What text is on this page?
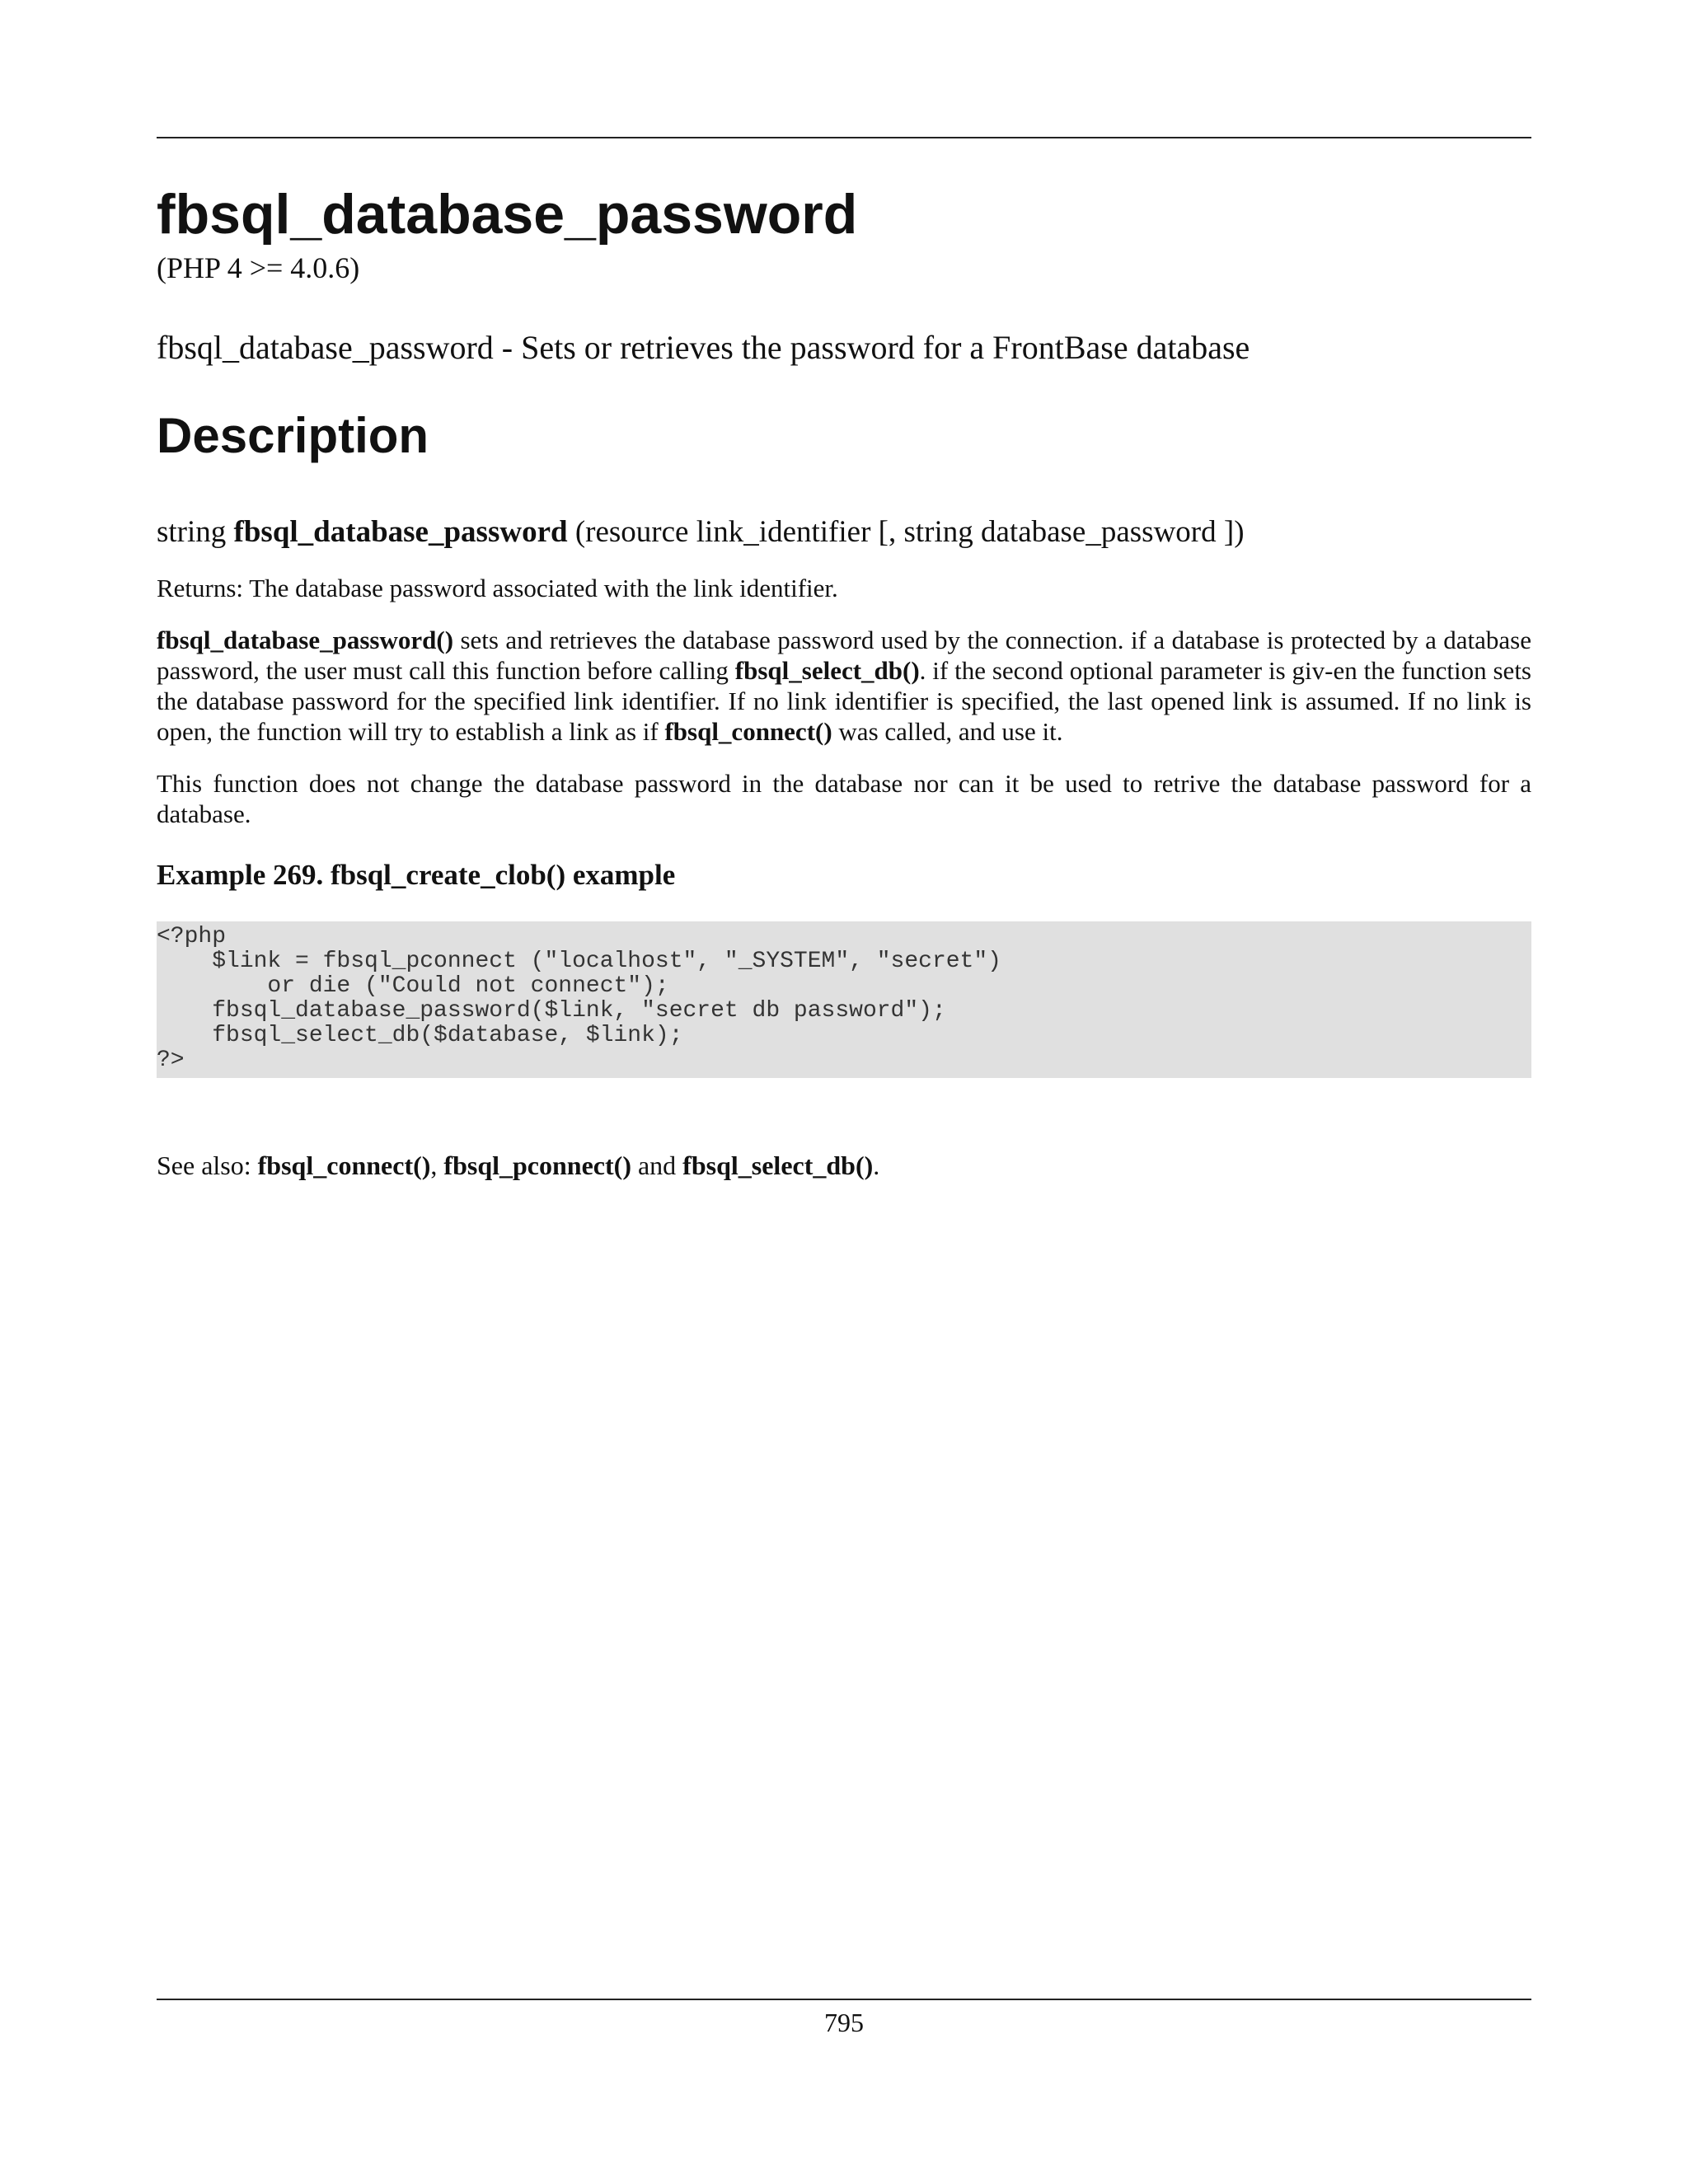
fbsql_database_password
(PHP 4 >= 4.0.6)
fbsql_database_password - Sets or retrieves the password for a FrontBase database
Description
string fbsql_database_password (resource link_identifier [, string database_password ])

Returns: The database password associated with the link identifier.

fbsql_database_password() sets and retrieves the database password used by the connection. if a database is protected by a database password, the user must call this function before calling fbsql_select_db(). if the second optional parameter is giv-en the function sets the database password for the specified link identifier. If no link identifier is specified, the last opened link is assumed. If no link is open, the function will try to establish a link as if fbsql_connect() was called, and use it.

This function does not change the database password in the database nor can it be used to retrive the database password for a database.

Example 269. fbsql_create_clob() example
<?php
$link = fbsql_pconnect ("localhost", "_SYSTEM", "secret")
or die ("Could not connect");
fbsql_database_password($link, "secret db password");
fbsql_select_db($database, $link);
?>

See also: fbsql_connect(), fbsql_pconnect() and fbsql_select_db().

795
